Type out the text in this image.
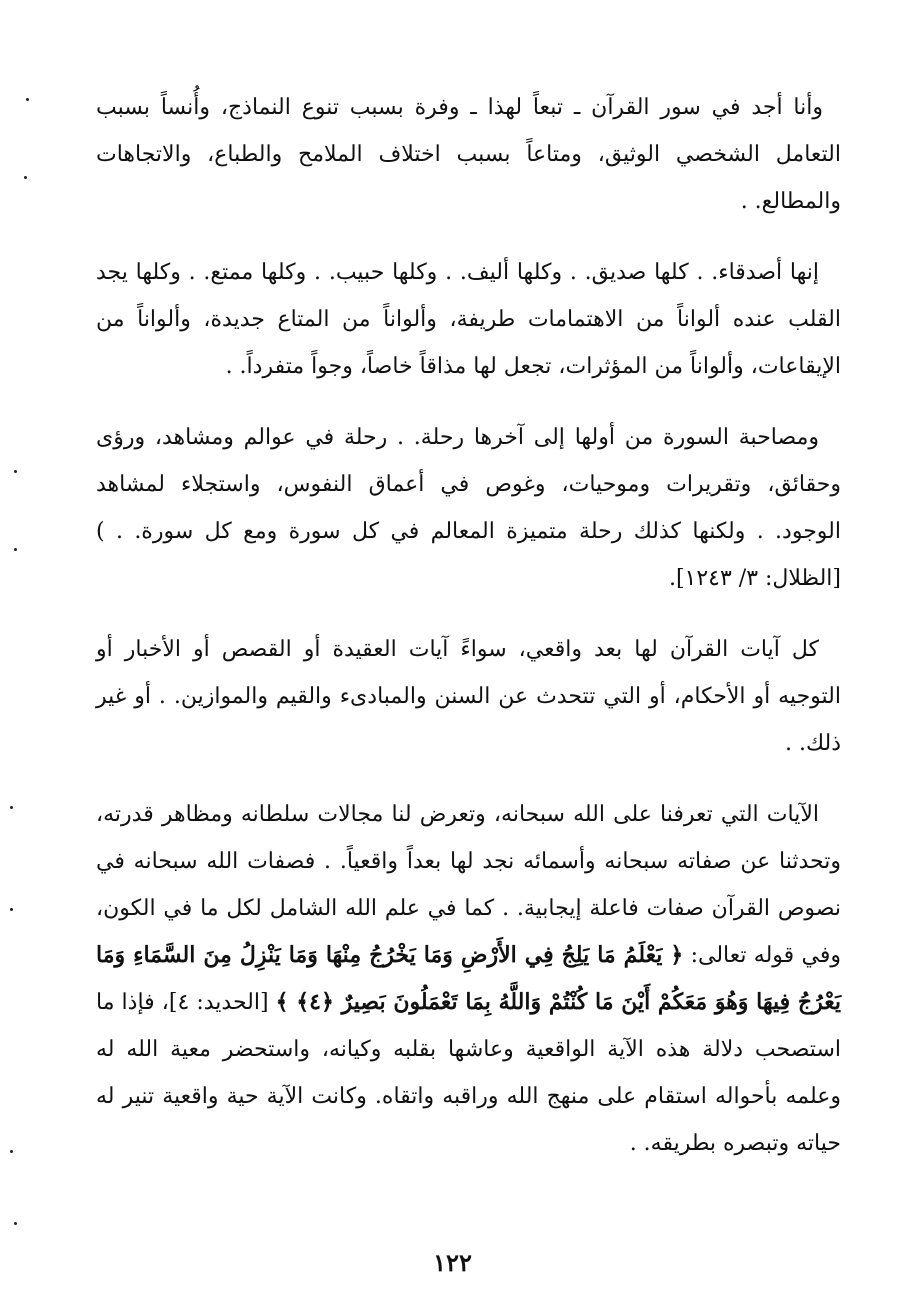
وأنا أجد في سور القرآن ـ تبعاً لهذا ـ وفرة بسبب تنوع النماذج، وأُنساً بسبب التعامل الشخصي الوثيق، ومتاعاً بسبب اختلاف الملامح والطباع، والاتجاهات والمطالع. .

إنها أصدقاء. . كلها صديق. . وكلها أليف. . وكلها حبيب. . وكلها ممتع. . وكلها يجد القلب عنده ألواناً من الاهتمامات طريفة، وألواناً من المتاع جديدة، وألواناً من الإيقاعات، وألواناً من المؤثرات، تجعل لها مذاقاً خاصاً، وجواً متفرداً. .

ومصاحبة السورة من أولها إلى آخرها رحلة. . رحلة في عوالم ومشاهد، ورؤى وحقائق، وتقريرات وموحيات، وغوص في أعماق النفوس، واستجلاء لمشاهد الوجود. . ولكنها كذلك رحلة متميزة المعالم في كل سورة ومع كل سورة. . ) [الظلال: ٣/ ١٢٤٣].

كل آيات القرآن لها بعد واقعي، سواءً آيات العقيدة أو القصص أو الأخبار أو التوجيه أو الأحكام، أو التي تتحدث عن السنن والمبادىء والقيم والموازين. . أو غير ذلك. .

الآيات التي تعرفنا على الله سبحانه، وتعرض لنا مجالات سلطانه ومظاهر قدرته، وتحدثنا عن صفاته سبحانه وأسمائه نجد لها بعداً واقعياً. . فصفات الله سبحانه في نصوص القرآن صفات فاعلة إيجابية. . كما في علم الله الشامل لكل ما في الكون، وفي قوله تعالى: ﴿ يَعْلَمُ مَا يَلِجُ فِي الأَرْضِ وَمَا يَخْرُجُ مِنْهَا وَمَا يَنْزِلُ مِنَ السَّمَاءِ وَمَا يَعْرُجُ فِيهَا وَهُوَ مَعَكُمْ أَيْنَ مَا كُنْتُمْ وَاللَّهُ بِمَا تَعْمَلُونَ بَصِيرٌ ﴿٤﴾ ﴾ [الحديد: ٤]، فإذا ما استصحب دلالة هذه الآية الواقعية وعاشها بقلبه وكيانه، واستحضر معية الله له وعلمه بأحواله استقام على منهج الله وراقبه واتقاه. وكانت الآية حية واقعية تنير له حياته وتبصره بطريقه. .

١٢٢
